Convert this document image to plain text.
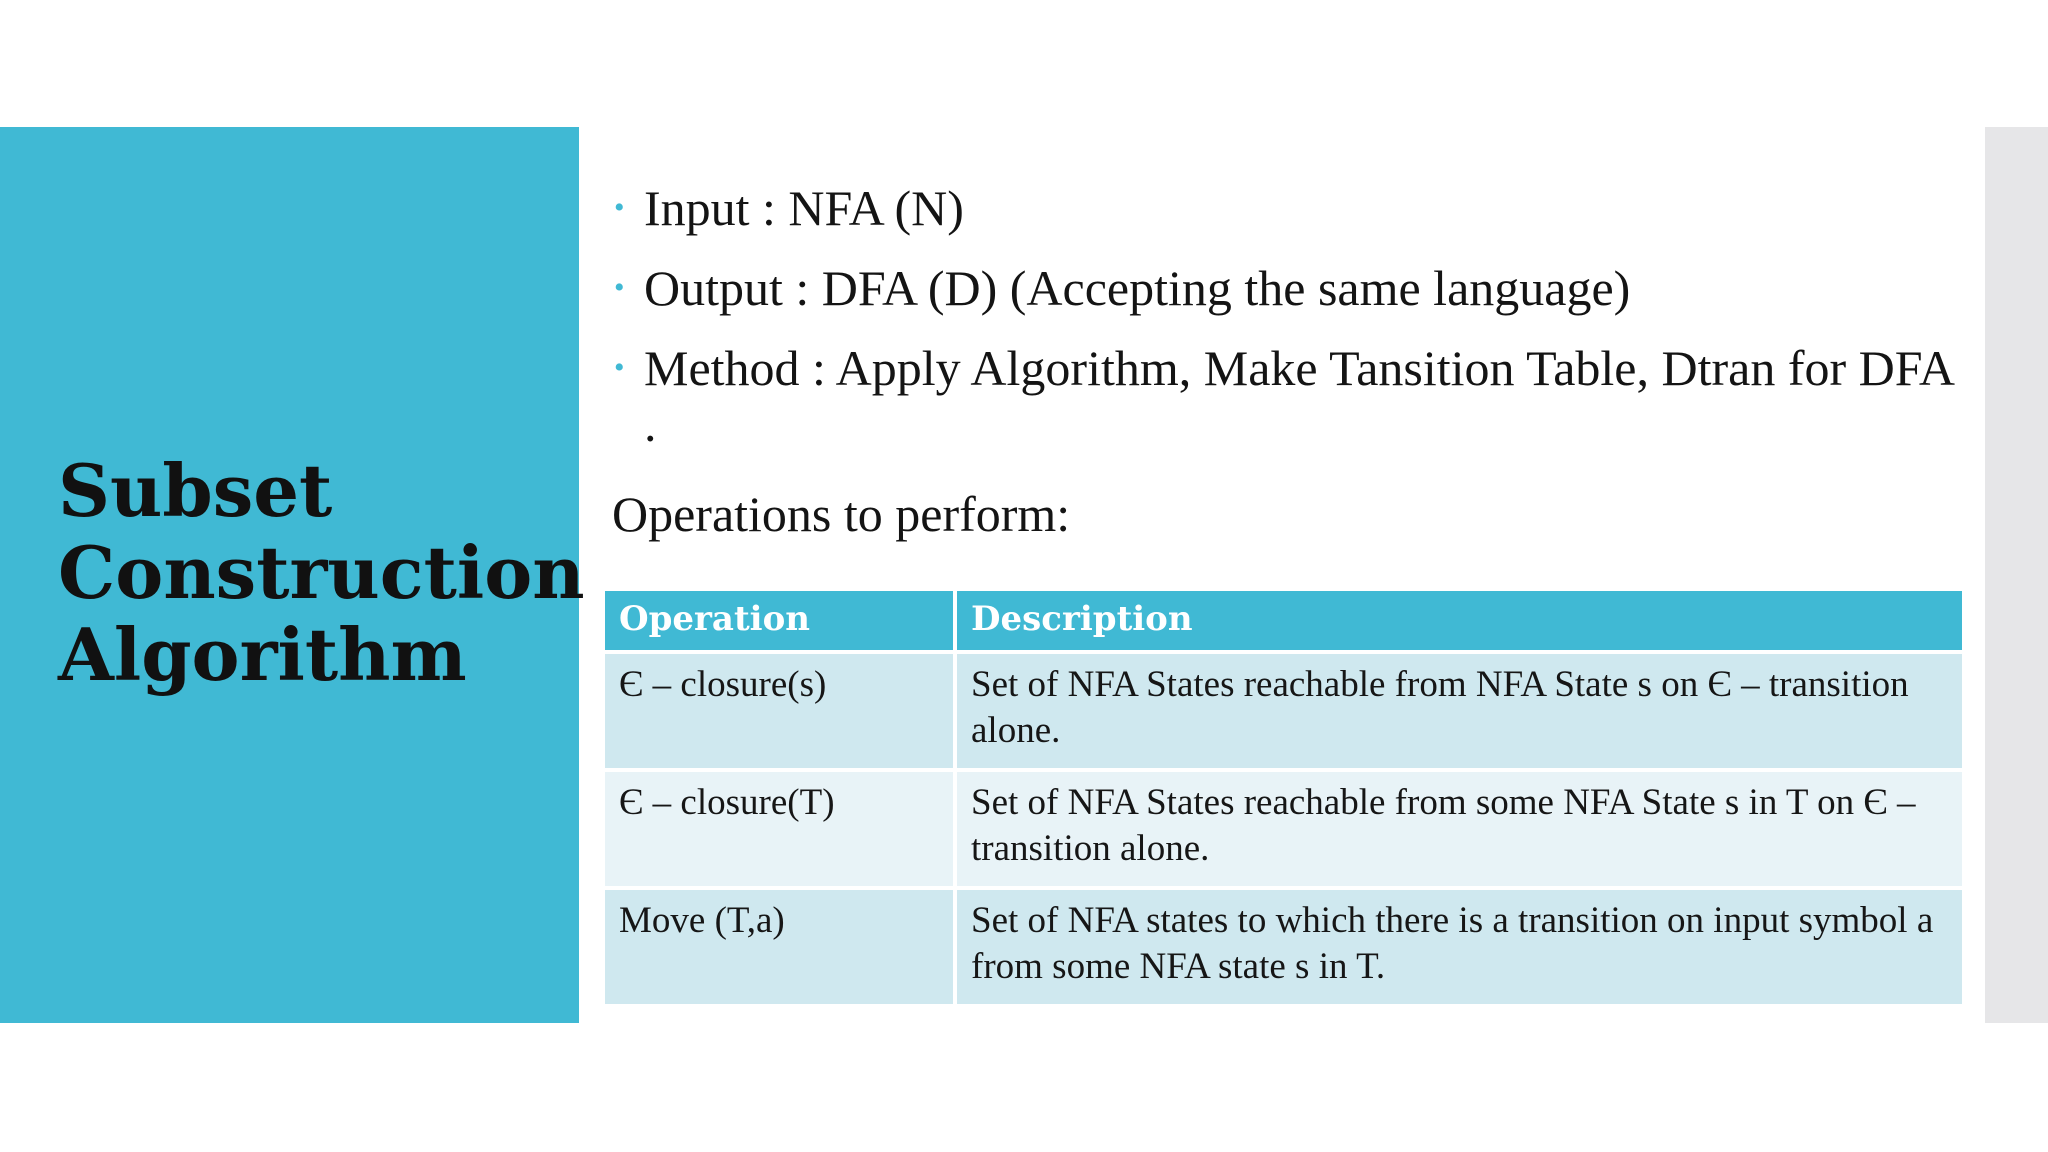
Subset
Construction
Algorithm
• Input : NFA (N)
• Output : DFA (D) (Accepting the same language)
• Method : Apply Algorithm, Make Tansition Table, Dtran for DFA .
Operations to perform:
Operation	Description
Є – closure(s)	Set of NFA States reachable from NFA State s on Є – transition alone.
Є – closure(T)	Set of NFA States reachable from some NFA State s in T on Є –transition alone.
Move (T,a)	Set of NFA states to which there is a transition on input symbol a from some NFA state s in T.
